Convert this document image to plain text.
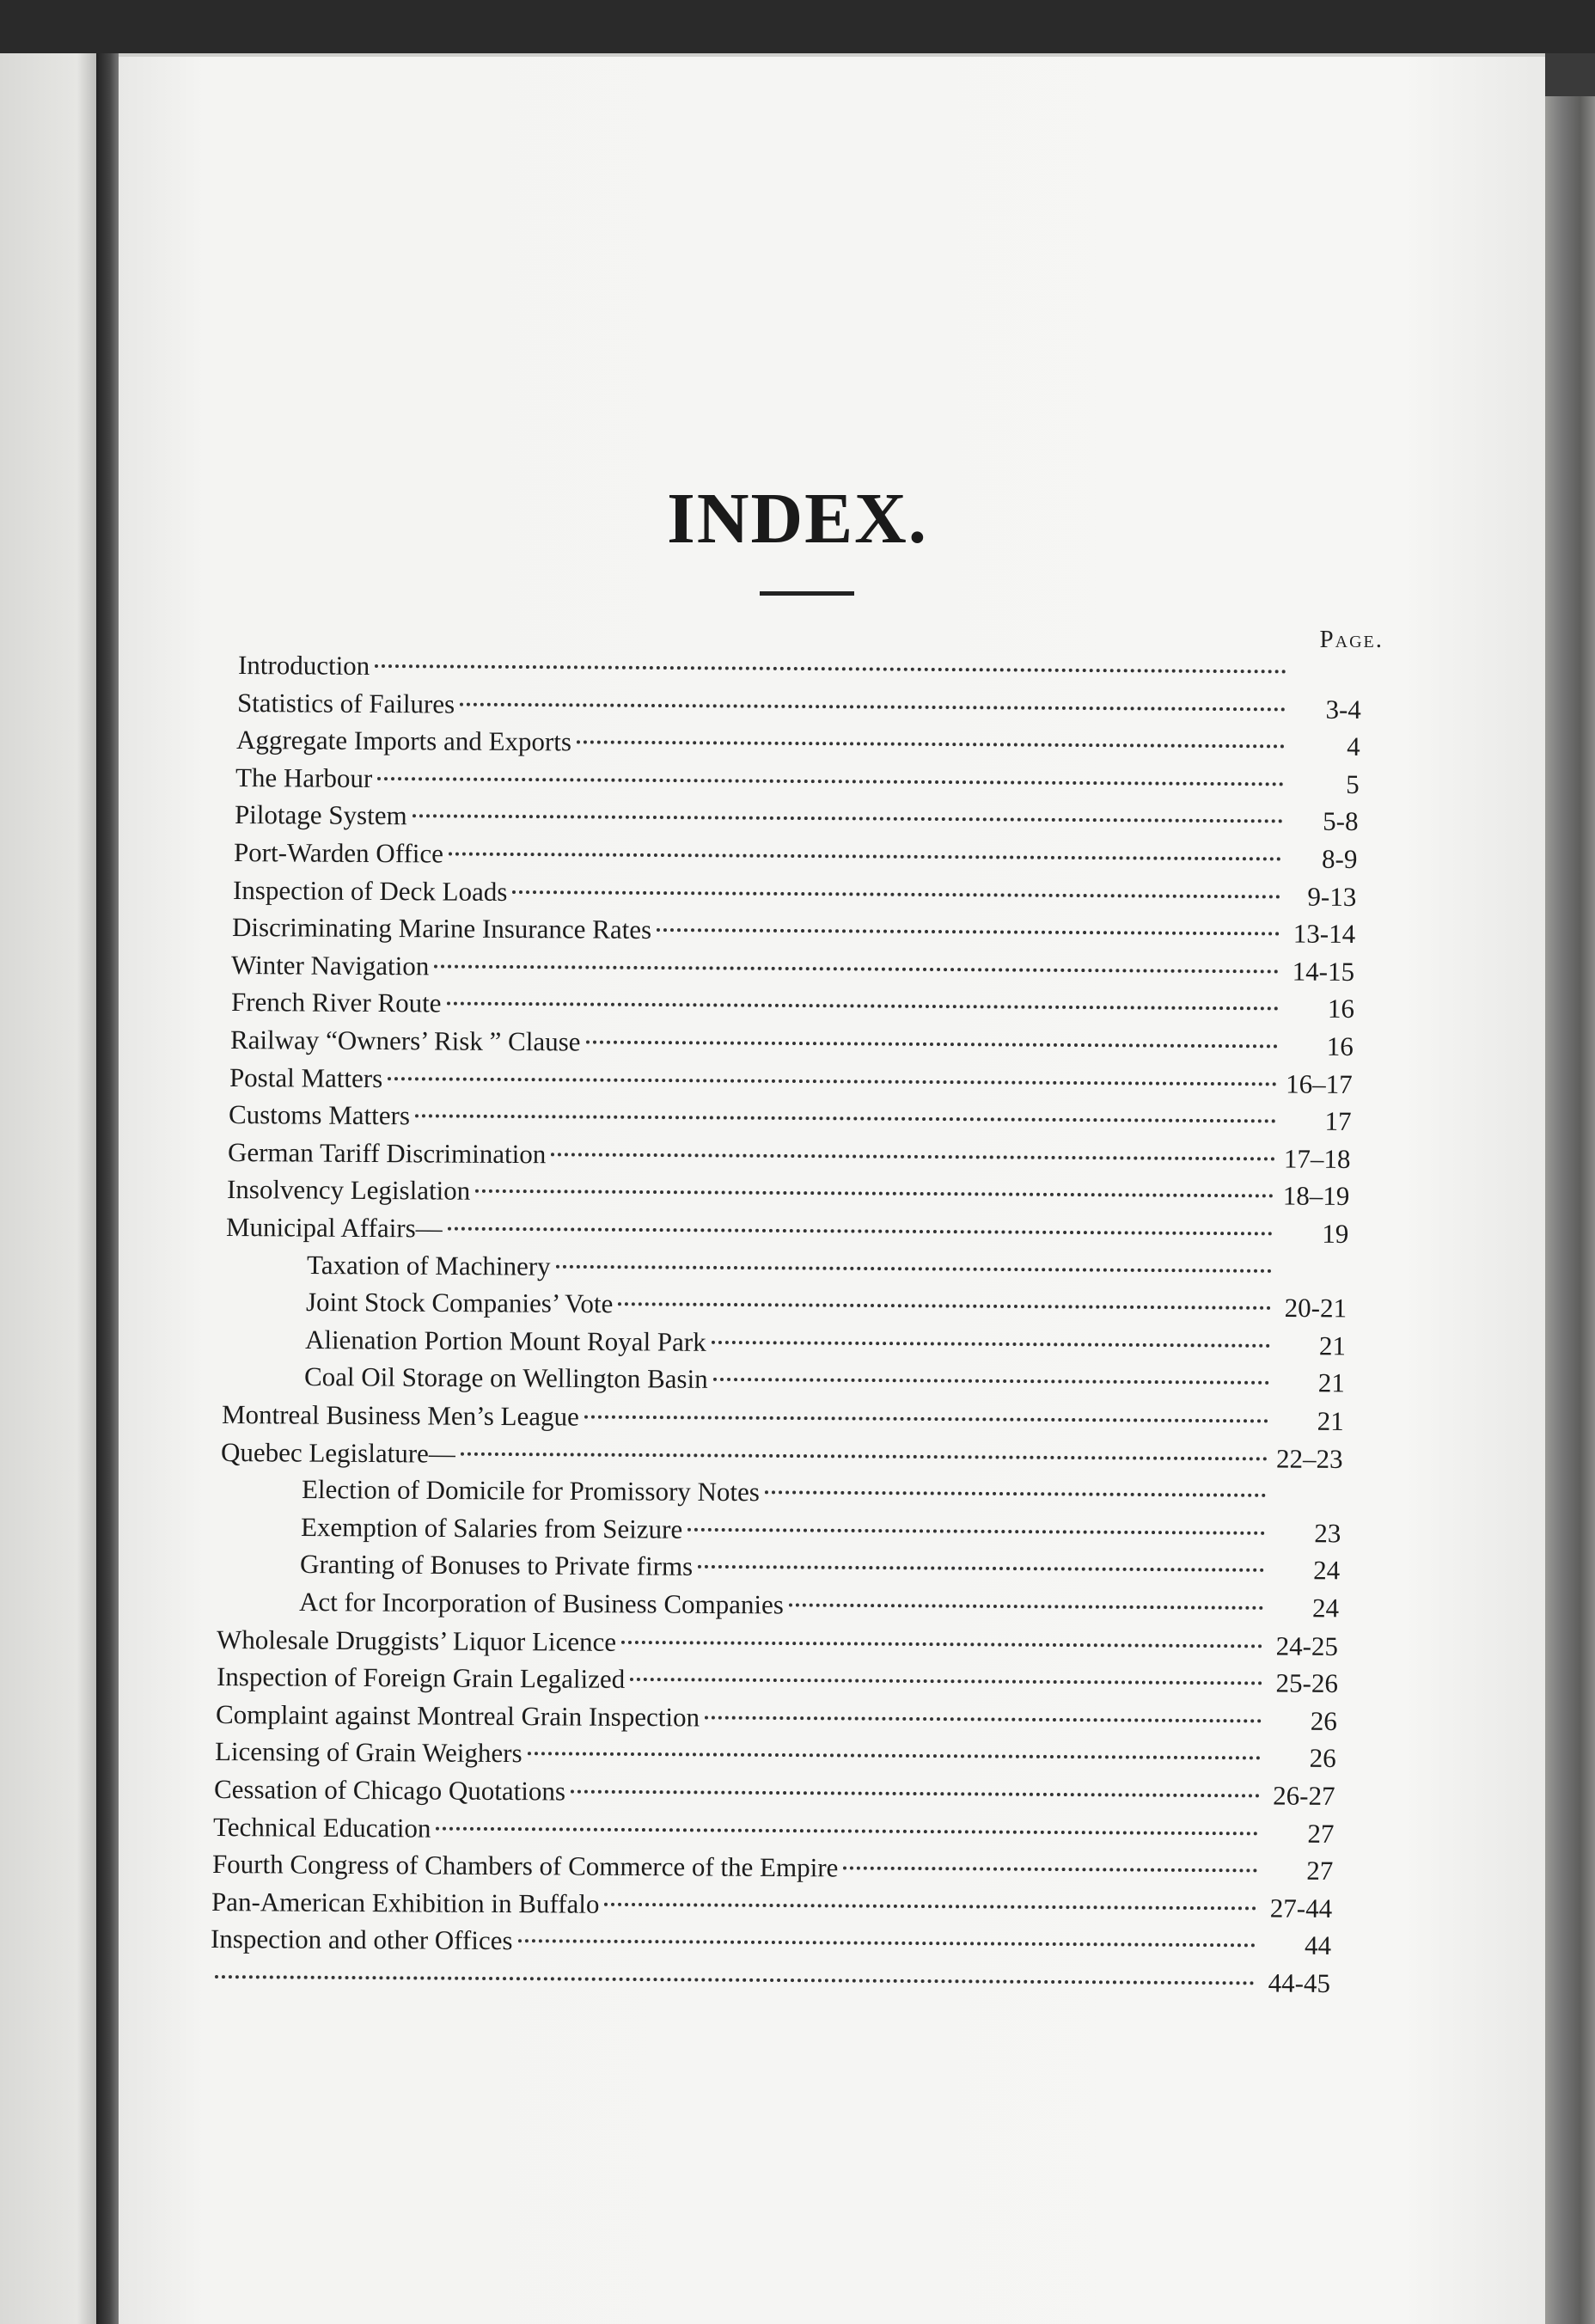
INDEX.
Page.
Introduction
Statistics of Failures	3-4
Aggregate Imports and Exports	4
The Harbour	5
Pilotage System	5-8
Port-Warden Office	8-9
Inspection of Deck Loads	9-13
Discriminating Marine Insurance Rates	13-14
Winter Navigation	14-15
French River Route	16
Railway “Owners’ Risk ” Clause	16
Postal Matters	16–17
Customs Matters	17
German Tariff Discrimination	17–18
Insolvency Legislation	18–19
Municipal Affairs—	19
Taxation of Machinery
Joint Stock Companies’ Vote	20-21
Alienation Portion Mount Royal Park	21
Coal Oil Storage on Wellington Basin	21
Montreal Business Men’s League	21
Quebec Legislature—	22–23
Election of Domicile for Promissory Notes
Exemption of Salaries from Seizure	23
Granting of Bonuses to Private firms	24
Act for Incorporation of Business Companies	24
Wholesale Druggists’ Liquor Licence	24-25
Inspection of Foreign Grain Legalized	25-26
Complaint against Montreal Grain Inspection	26
Licensing of Grain Weighers	26
Cessation of Chicago Quotations	26-27
Technical Education	27
Fourth Congress of Chambers of Commerce of the Empire	27
Pan-American Exhibition in Buffalo	27-44
Inspection and other Offices	44
44-45
